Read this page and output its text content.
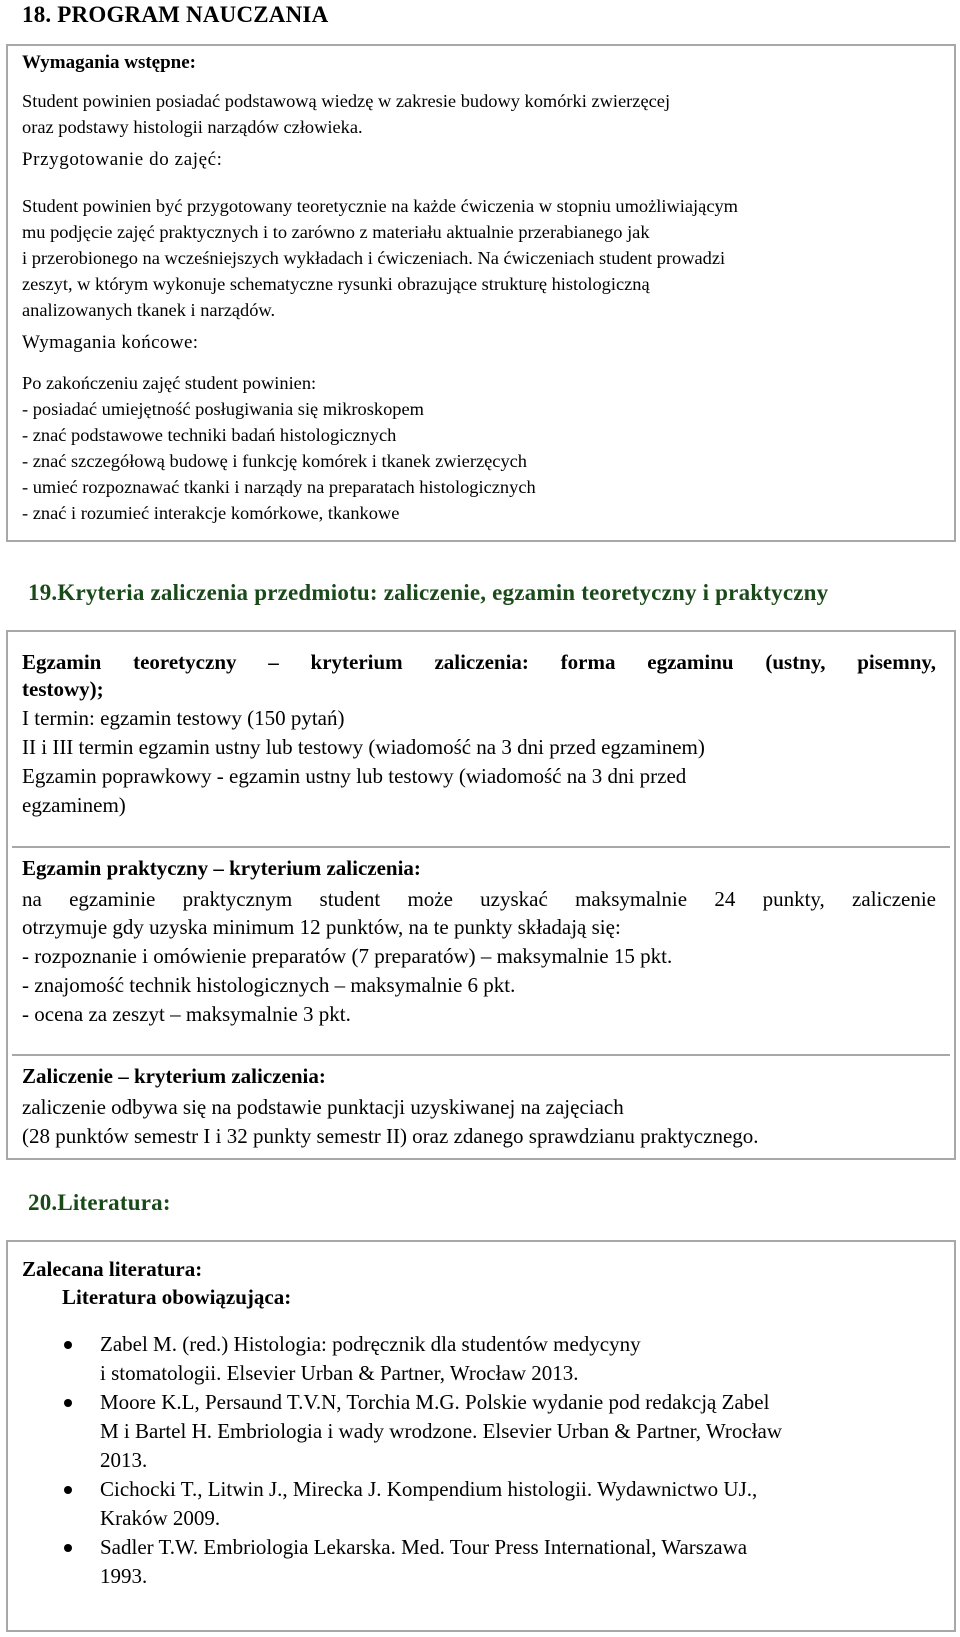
18. PROGRAM NAUCZANIA
Wymagania wstępne:
Student powinien posiadać podstawową wiedzę w zakresie budowy komórki zwierzęcej
oraz podstawy histologii narządów człowieka.
Przygotowanie do zajęć:
Student powinien być przygotowany teoretycznie na każde ćwiczenia w stopniu umożliwiającym
mu podjęcie zajęć praktycznych i to zarówno z materiału aktualnie przerabianego jak
i przerobionego na wcześniejszych wykładach i ćwiczeniach. Na ćwiczeniach student prowadzi
zeszyt, w którym wykonuje schematyczne rysunki obrazujące strukturę histologiczną
analizowanych tkanek i narządów.
Wymagania końcowe:
Po zakończeniu zajęć student powinien:
- posiadać umiejętność posługiwania się mikroskopem
- znać podstawowe techniki badań histologicznych
- znać szczegółową budowę i funkcję komórek i tkanek zwierzęcych
- umieć rozpoznawać tkanki i narządy na preparatach histologicznych
- znać i rozumieć interakcje komórkowe, tkankowe
19.Kryteria zaliczenia przedmiotu: zaliczenie, egzamin teoretyczny i praktyczny
Egzamin teoretyczny – kryterium zaliczenia: forma egzaminu (ustny, pisemny,
testowy);
I termin: egzamin testowy (150 pytań)
II i III termin egzamin ustny lub testowy (wiadomość na 3 dni przed egzaminem)
Egzamin poprawkowy - egzamin ustny lub testowy (wiadomość na 3 dni przed
egzaminem)
Egzamin praktyczny – kryterium zaliczenia:
na egzaminie praktycznym student może uzyskać maksymalnie 24 punkty, zaliczenie
otrzymuje gdy uzyska minimum 12 punktów, na te punkty składają się:
- rozpoznanie i omówienie preparatów (7 preparatów) – maksymalnie 15 pkt.
- znajomość technik histologicznych – maksymalnie 6 pkt.
- ocena za zeszyt – maksymalnie 3 pkt.
Zaliczenie – kryterium zaliczenia:
zaliczenie odbywa się na podstawie punktacji uzyskiwanej na zajęciach
(28 punktów semestr I i 32 punkty semestr II) oraz zdanego sprawdzianu praktycznego.
20.Literatura:
Zalecana literatura:
Literatura obowiązująca:
Zabel M. (red.) Histologia: podręcznik dla studentów medycyny
i stomatologii. Elsevier Urban & Partner, Wrocław 2013.
Moore K.L, Persaund T.V.N, Torchia M.G. Polskie wydanie pod redakcją Zabel
M i Bartel H. Embriologia i wady wrodzone. Elsevier Urban & Partner, Wrocław
2013.
Cichocki T., Litwin J., Mirecka J. Kompendium histologii. Wydawnictwo UJ.,
Kraków 2009.
Sadler T.W. Embriologia Lekarska. Med. Tour Press International, Warszawa
1993.
